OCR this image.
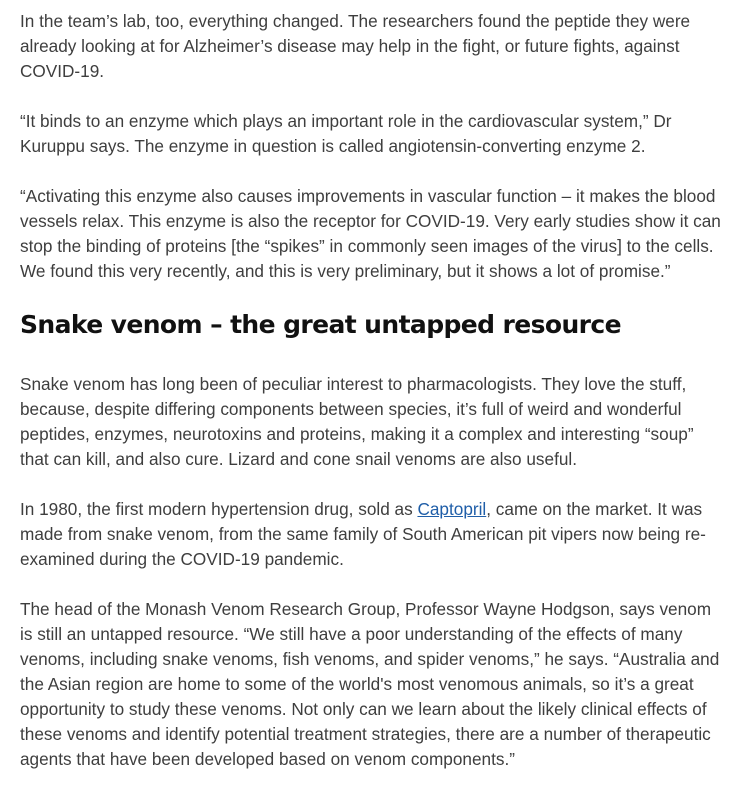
In the team’s lab, too, everything changed. The researchers found the peptide they were already looking at for Alzheimer’s disease may help in the fight, or future fights, against COVID-19.

“It binds to an enzyme which plays an important role in the cardiovascular system,” Dr Kuruppu says. The enzyme in question is called angiotensin-converting enzyme 2.

“Activating this enzyme also causes improvements in vascular function – it makes the blood vessels relax. This enzyme is also the receptor for COVID-19. Very early studies show it can stop the binding of proteins [the “spikes” in commonly seen images of the virus] to the cells. We found this very recently, and this is very preliminary, but it shows a lot of promise.”

Snake venom – the great untapped resource

Snake venom has long been of peculiar interest to pharmacologists. They love the stuff, because, despite differing components between species, it’s full of weird and wonderful peptides, enzymes, neurotoxins and proteins, making it a complex and interesting “soup” that can kill, and also cure. Lizard and cone snail venoms are also useful.

In 1980, the first modern hypertension drug, sold as Captopril, came on the market. It was made from snake venom, from the same family of South American pit vipers now being re-examined during the COVID-19 pandemic.

The head of the Monash Venom Research Group, Professor Wayne Hodgson, says venom is still an untapped resource. “We still have a poor understanding of the effects of many venoms, including snake venoms, fish venoms, and spider venoms,” he says. “Australia and the Asian region are home to some of the world's most venomous animals, so it’s a great opportunity to study these venoms. Not only can we learn about the likely clinical effects of these venoms and identify potential treatment strategies, there are a number of therapeutic agents that have been developed based on venom components.”
